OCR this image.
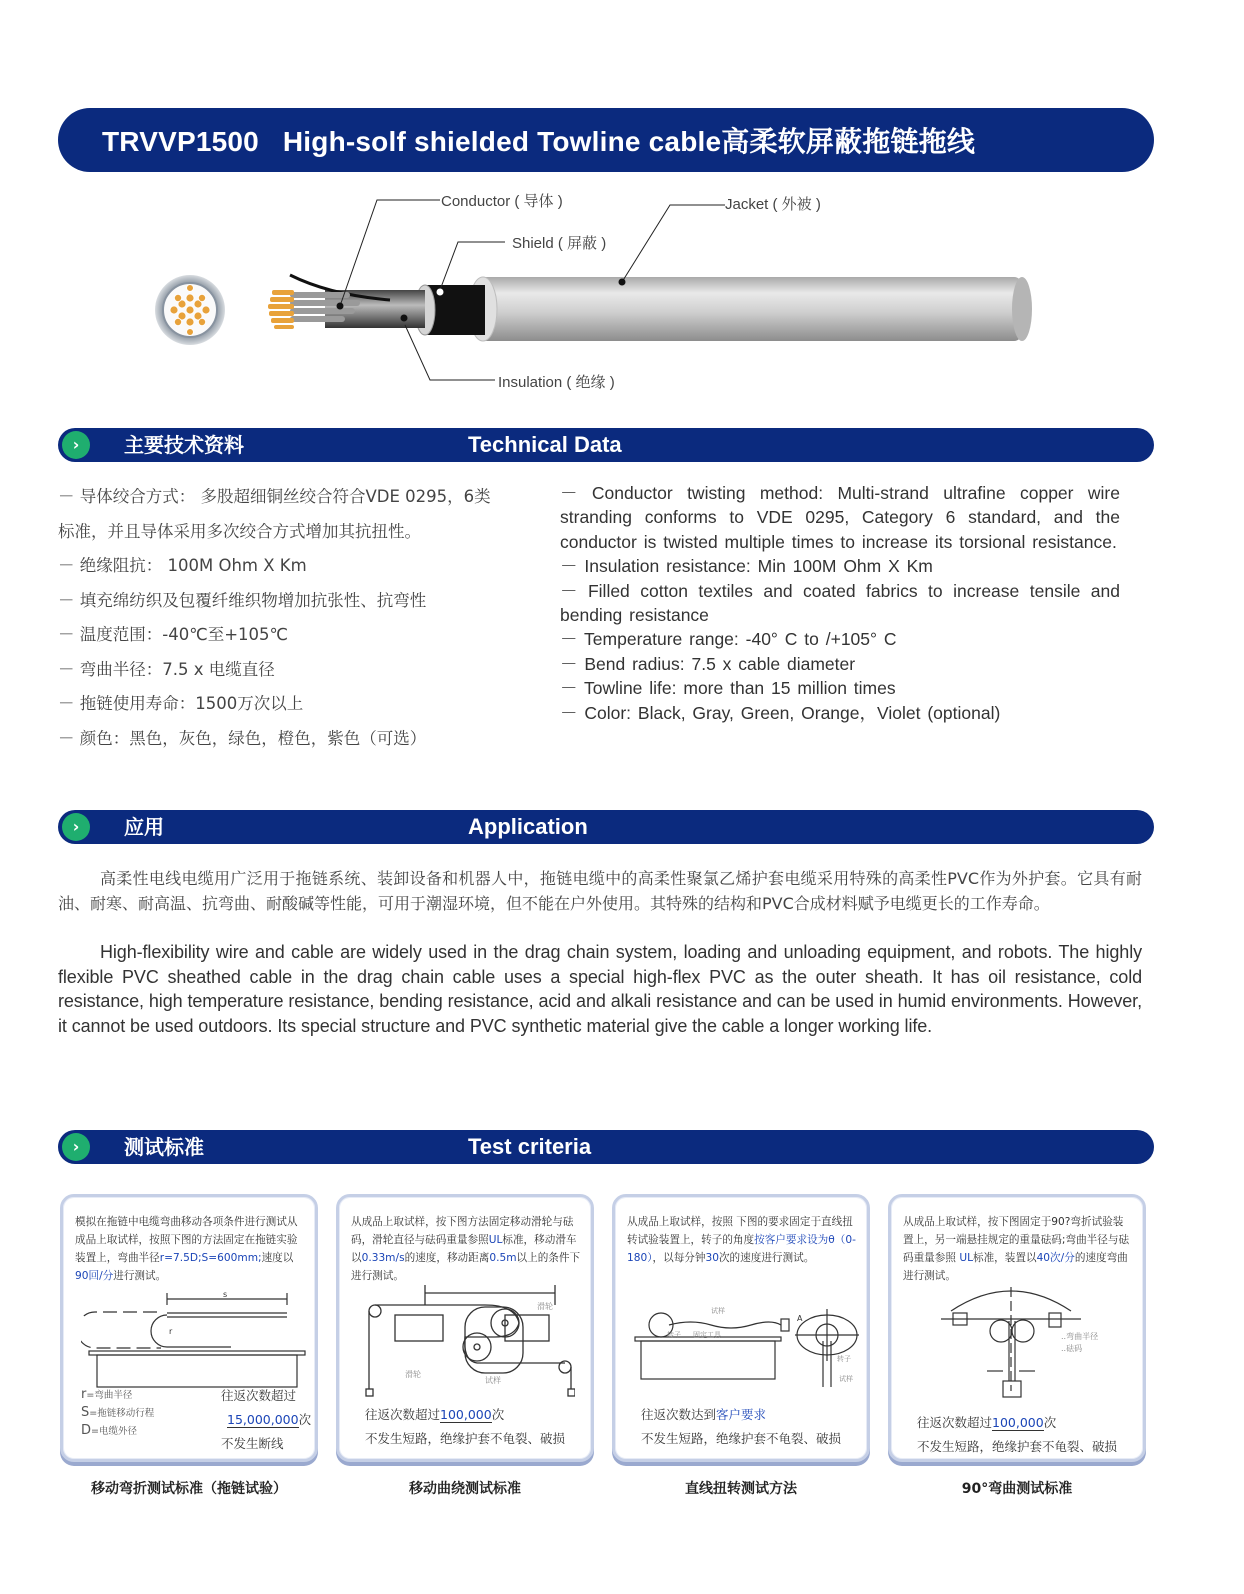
TRVVP1500   High-solf shielded Towline cable高柔软屏蔽拖链拖线
Conductor ( 导体 )
Shield ( 屏蔽 )
Jacket ( 外被 )
Insulation ( 绝缘 )
›	主要技术资料	Technical Data
－ 导体绞合方式： 多股超细铜丝绞合符合VDE 0295，6类
标准，并且导体采用多次绞合方式增加其抗扭性。
－ 绝缘阻抗： 100M Ohm X Km
－ 填充绵纺织及包覆纤维织物增加抗张性、抗弯性
－ 温度范围：-40℃至+105℃
－ 弯曲半径：7.5 x 电缆直径
－ 拖链使用寿命：1500万次以上
－ 颜色：黑色，灰色，绿色，橙色，紫色（可选）
－ Conductor twisting method: Multi-strand ultrafine copper wire stranding conforms to VDE 0295, Category 6 standard, and the conductor is twisted multiple times to increase its torsional resistance.
－ Insulation resistance: Min 100M Ohm X Km
－ Filled cotton textiles and coated fabrics to increase tensile and bending resistance
－ Temperature range: -40° C to /+105° C
－ Bend radius: 7.5 x cable diameter
－ Towline life: more than 15 million times
－ Color: Black, Gray, Green, Orange，Violet (optional)
›	应用	Application

高柔性电线电缆用广泛用于拖链系统、装卸设备和机器人中，拖链电缆中的高柔性聚氯乙烯护套电缆采用特殊的高柔性PVC作为外护套。它具有耐油、耐寒、耐高温、抗弯曲、耐酸碱等性能，可用于潮湿环境，但不能在户外使用。其特殊的结构和PVC合成材料赋予电缆更长的工作寿命。

High-flexibility wire and cable are widely used in the drag chain system, loading and unloading equipment, and robots. The highly flexible PVC sheathed cable in the drag chain cable uses a special high-flex PVC as the outer sheath. It has oil resistance, cold resistance, high temperature resistance, bending resistance, acid and alkali resistance and can be used in humid environments. However, it cannot be used outdoors. Its special structure and PVC synthetic material give the cable a longer working life.

›	测试标准	Test criteria
模拟在拖链中电缆弯曲移动各项条件进行测试从成品上取试样，按照下图的方法固定在拖链实验装置上，弯曲半径r=7.5D;S=600mm;速度以90回/分进行测试。
s
r
r=弯曲半径
S=拖链移动行程
D=电缆外径
往返次数超过
15,000,000次
不发生断线
从成品上取试样，按下图方法固定移动滑轮与砝码，滑轮直径与砝码重量参照UL标准，移动滑车以0.33m/s的速度，移动距离0.5m以上的条件下进行测试。
滑轮
滑轮
试样
往返次数超过100,000次
不发生短路，绝缘护套不龟裂、破损
从成品上取试样，按照 下图的要求固定于直线扭转试验装置上，转子的角度按客户要求设为θ（0-180），以每分钟30次的速度进行测试。
试样
转子 固定工具
A
转子
试样
往返次数达到客户要求
不发生短路，绝缘护套不龟裂、破损
从成品上取试样，按下图固定于90?弯折试验装置上，另一端悬挂规定的重量砝码;弯曲半径与砝码重量参照 UL标准，装置以40次/分的速度弯曲进行测试。
..弯曲半径
..砝码
往返次数超过100,000次
不发生短路，绝缘护套不龟裂、破损
移动弯折测试标准（拖链试验）	移动曲绕测试标准	直线扭转测试方法	90°弯曲测试标准
